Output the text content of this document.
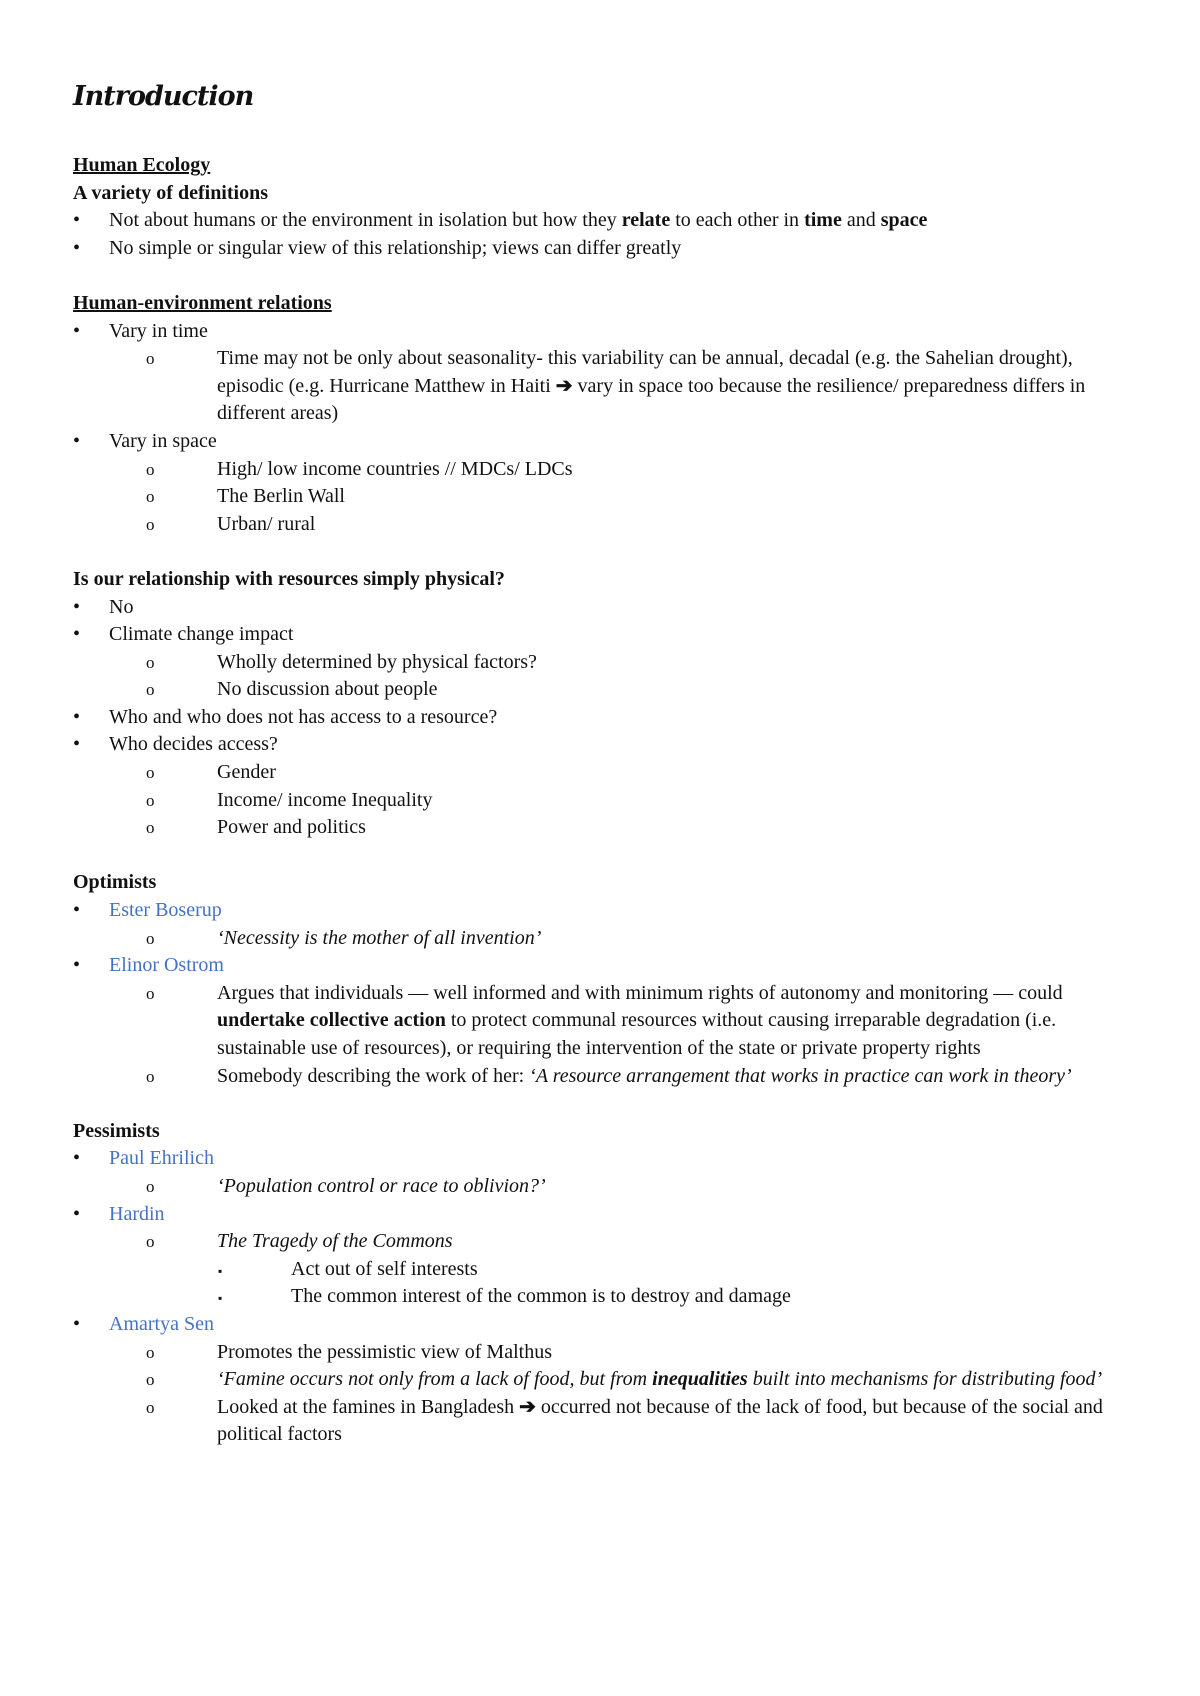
Introduction
Human Ecology
A variety of definitions
•	Not about humans or the environment in isolation but how they relate to each other in time and space
•	No simple or singular view of this relationship; views can differ greatly
Human-environment relations
•	Vary in time
o	Time may not be only about seasonality- this variability can be annual, decadal (e.g. the Sahelian drought), episodic (e.g. Hurricane Matthew in Haiti ➔ vary in space too because the resilience/ preparedness differs in different areas)
•	Vary in space
o	High/ low income countries // MDCs/ LDCs
o	The Berlin Wall
o	Urban/ rural
Is our relationship with resources simply physical?
•	No
•	Climate change impact
o	Wholly determined by physical factors?
o	No discussion about people
•	Who and who does not has access to a resource?
•	Who decides access?
o	Gender
o	Income/ income Inequality
o	Power and politics
Optimists
•	Ester Boserup
o	‘Necessity is the mother of all invention’
•	Elinor Ostrom
o	Argues that individuals — well informed and with minimum rights of autonomy and monitoring — could undertake collective action to protect communal resources without causing irreparable degradation (i.e. sustainable use of resources), or requiring the intervention of the state or private property rights
o	Somebody describing the work of her: ‘A resource arrangement that works in practice can work in theory’
Pessimists
•	Paul Ehrilich
o	‘Population control or race to oblivion?’
•	Hardin
o	The Tragedy of the Commons
▪	Act out of self interests
▪	The common interest of the common is to destroy and damage
•	Amartya Sen
o	Promotes the pessimistic view of Malthus
o	‘Famine occurs not only from a lack of food, but from inequalities built into mechanisms for distributing food’
o	Looked at the famines in Bangladesh ➔ occurred not because of the lack of food, but because of the social and political factors
